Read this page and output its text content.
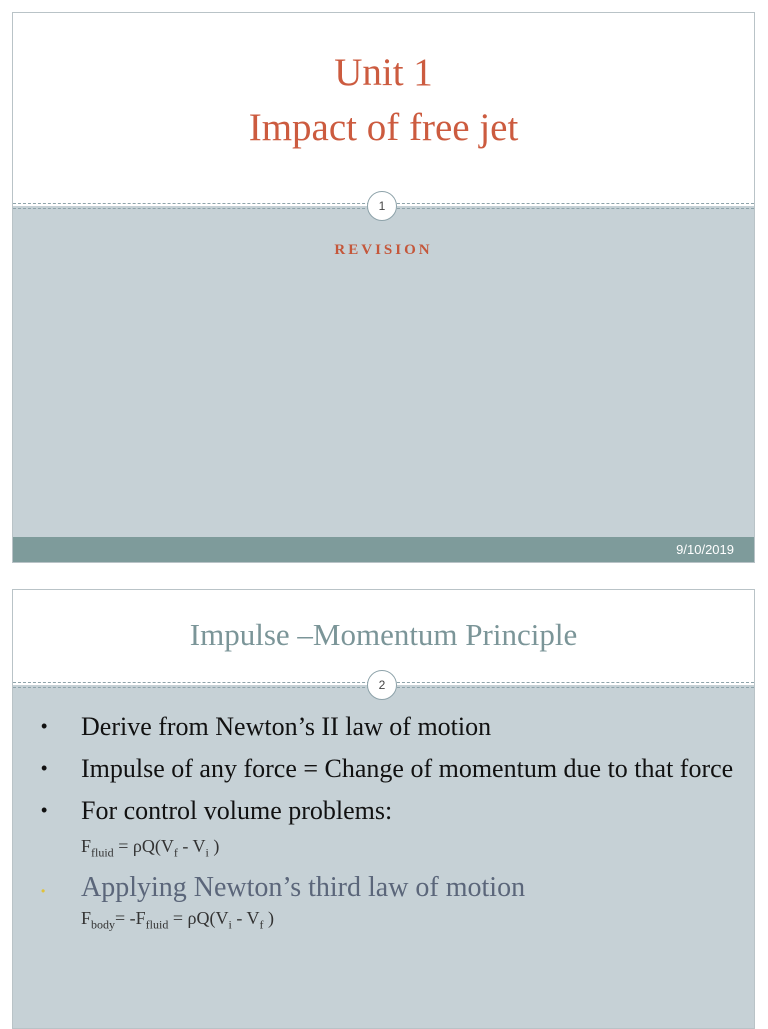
Unit 1
Impact of free jet
1
REVISION
9/10/2019
Impulse –Momentum Principle
2
• Derive from Newton’s II law of motion
• Impulse of any force = Change of momentum due to that force
• For control volume problems:
$F_{fluid} = \rho Q(V_f - V_i$ )
• Applying Newton’s third law of motion
$F_{body}= -F_{fluid} = \rho Q(V_i - V_f$ )
